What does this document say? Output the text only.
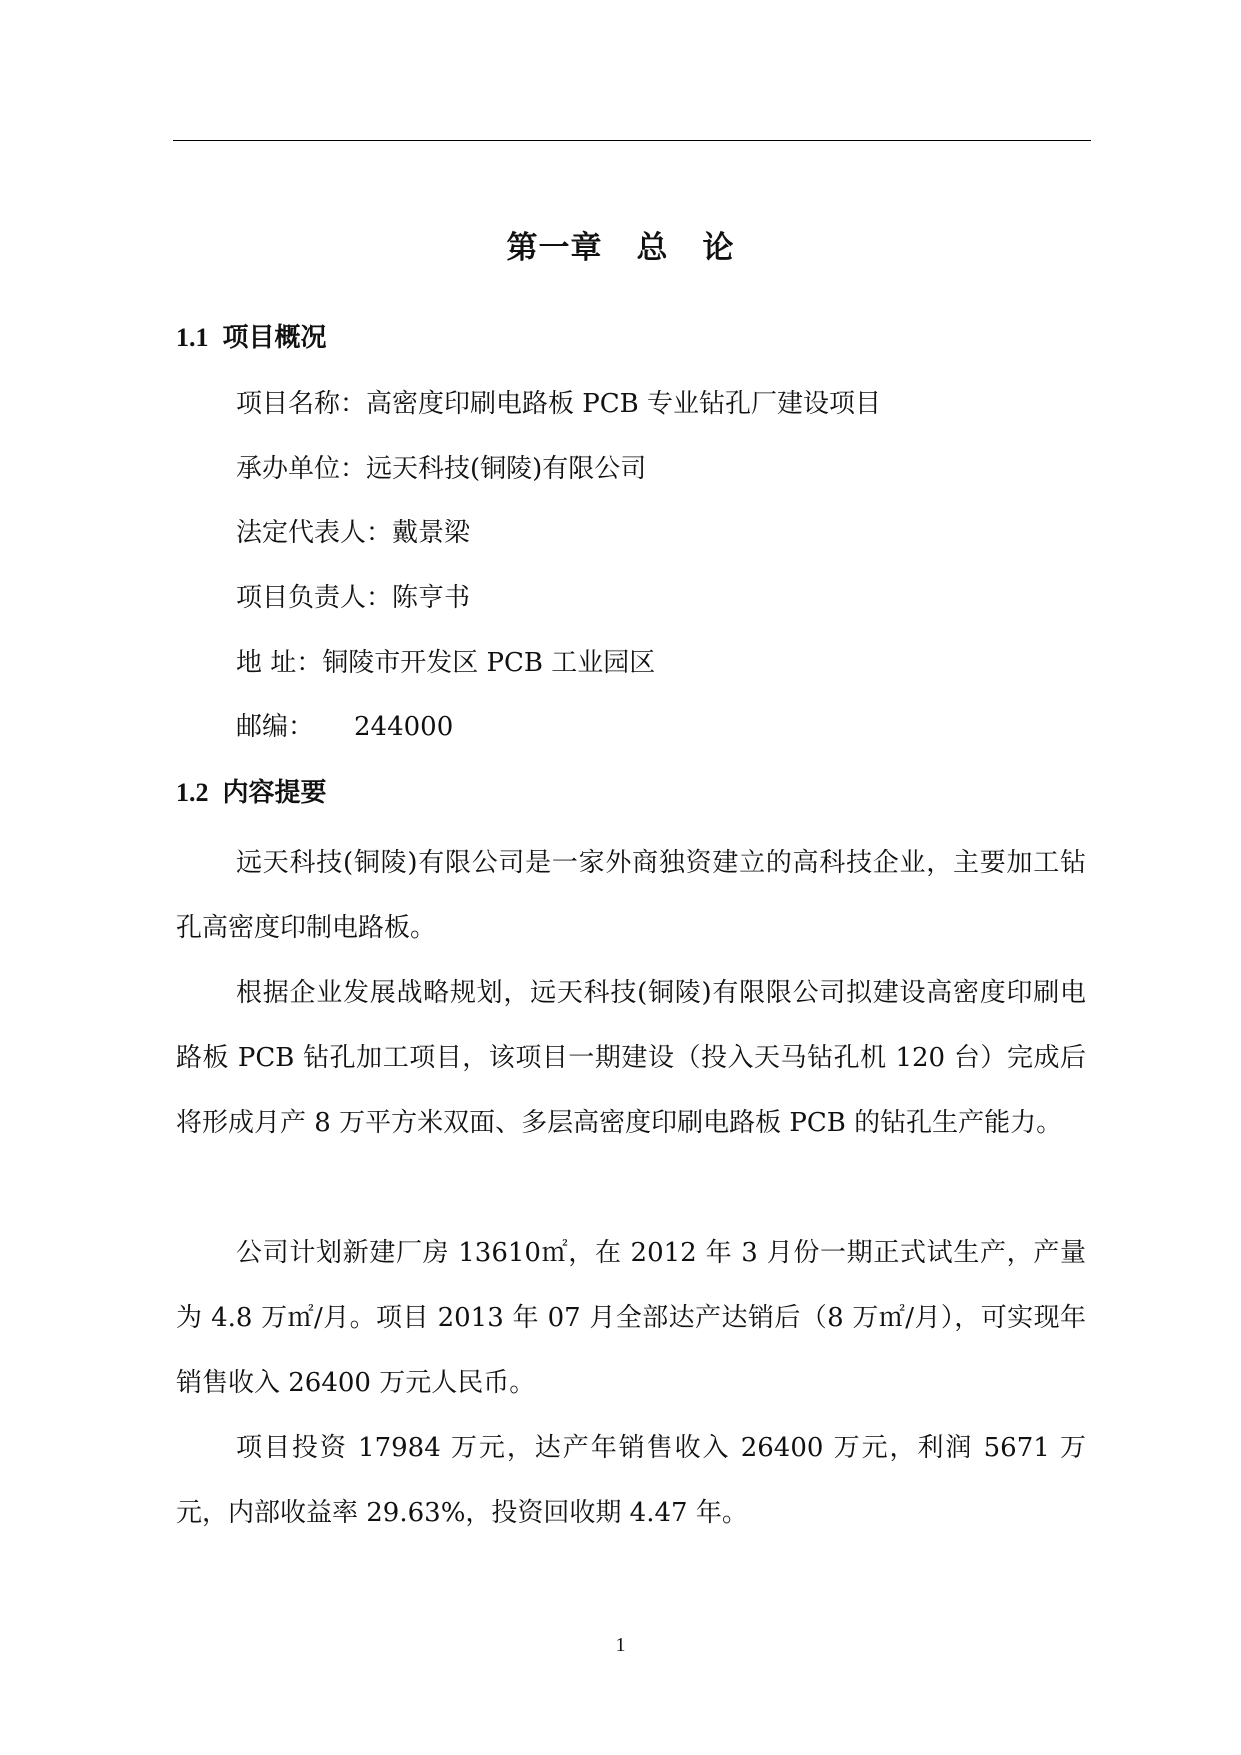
第一章 总 论
1.1 项目概况
项目名称：高密度印刷电路板 PCB 专业钻孔厂建设项目
承办单位：远天科技(铜陵)有限公司
法定代表人：戴景梁
项目负责人：陈亨书
地 址：铜陵市开发区 PCB 工业园区
邮编： 244000
1.2 内容提要

远天科技(铜陵)有限公司是一家外商独资建立的高科技企业，主要加工钻孔高密度印制电路板。

根据企业发展战略规划，远天科技(铜陵)有限限公司拟建设高密度印刷电路板 PCB 钻孔加工项目，该项目一期建设（投入天马钻孔机 120 台）完成后将形成月产 8 万平方米双面、多层高密度印刷电路板 PCB 的钻孔生产能力。

公司计划新建厂房 13610㎡，在 2012 年 3 月份一期正式试生产，产量为 4.8 万㎡/月。项目 2013 年 07 月全部达产达销后（8 万㎡/月），可实现年销售收入 26400 万元人民币。

项目投资 17984 万元，达产年销售收入 26400 万元，利润 5671 万元，内部收益率 29.63%，投资回收期 4.47 年。

1
